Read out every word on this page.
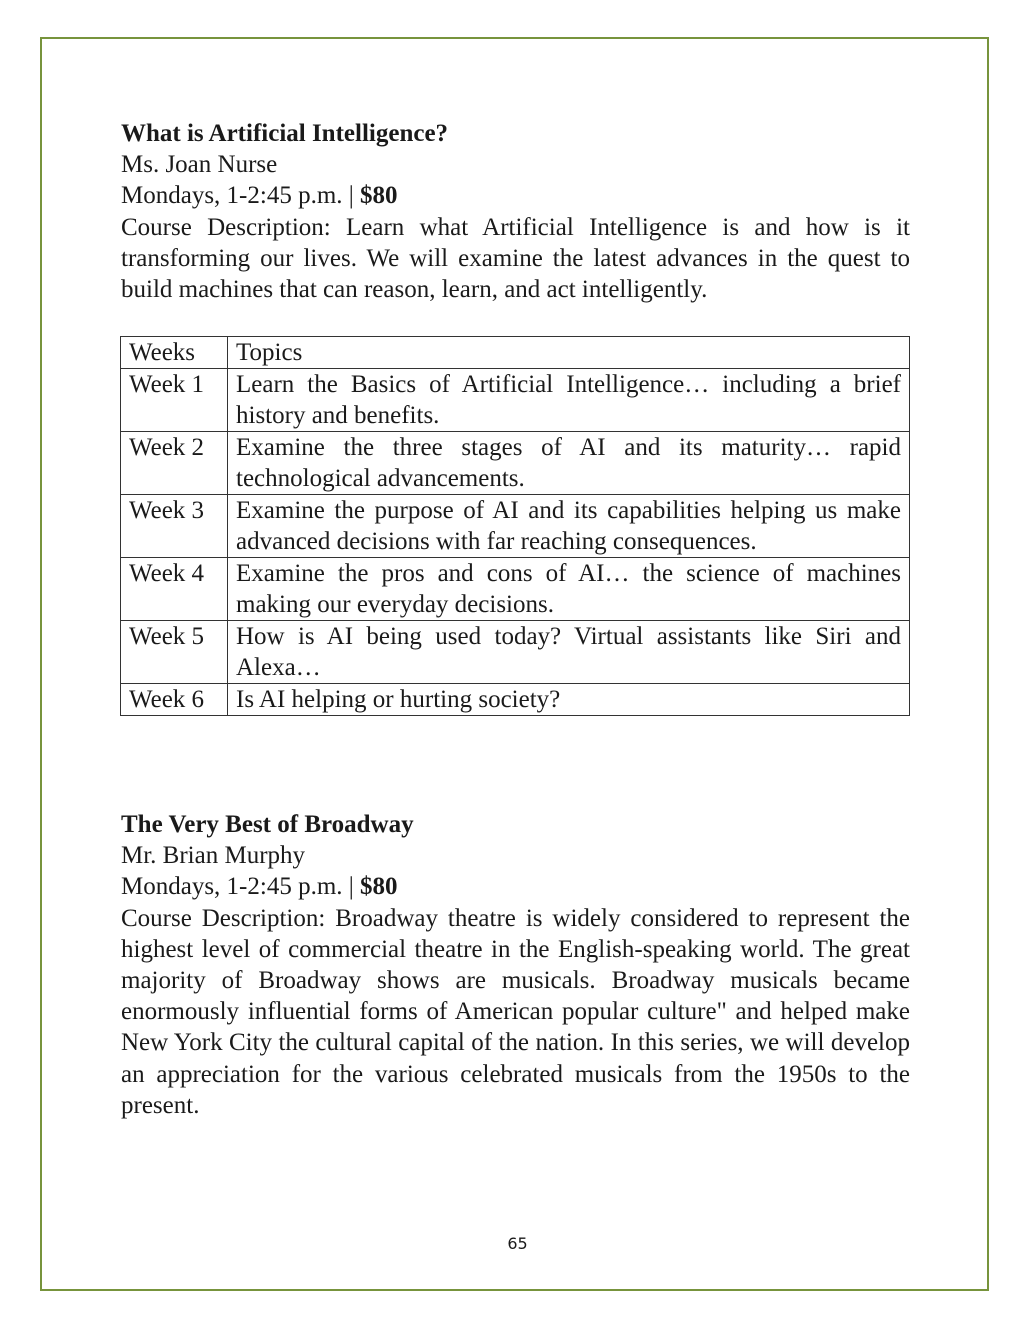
What is Artificial Intelligence?

Ms. Joan Nurse

Mondays, 1-2:45 p.m. | $80

Course Description: Learn what Artificial Intelligence is and how is it transforming our lives. We will examine the latest advances in the quest to build machines that can reason, learn, and act intelligently.

Weeks	Topics
Week 1	Learn the Basics of Artificial Intelligence… including a brief history and benefits.
Week 2	Examine the three stages of AI and its maturity… rapid technological advancements.
Week 3	Examine the purpose of AI and its capabilities helping us make advanced decisions with far reaching consequences.
Week 4	Examine the pros and cons of AI… the science of machines making our everyday decisions.
Week 5	How is AI being used today? Virtual assistants like Siri and Alexa…
Week 6	Is AI helping or hurting society?

The Very Best of Broadway

Mr. Brian Murphy

Mondays, 1-2:45 p.m. | $80

Course Description: Broadway theatre is widely considered to represent the highest level of commercial theatre in the English-speaking world. The great majority of Broadway shows are musicals. Broadway musicals became enormously influential forms of American popular culture" and helped make New York City the cultural capital of the nation. In this series, we will develop an appreciation for the various celebrated musicals from the 1950s to the present.

65
